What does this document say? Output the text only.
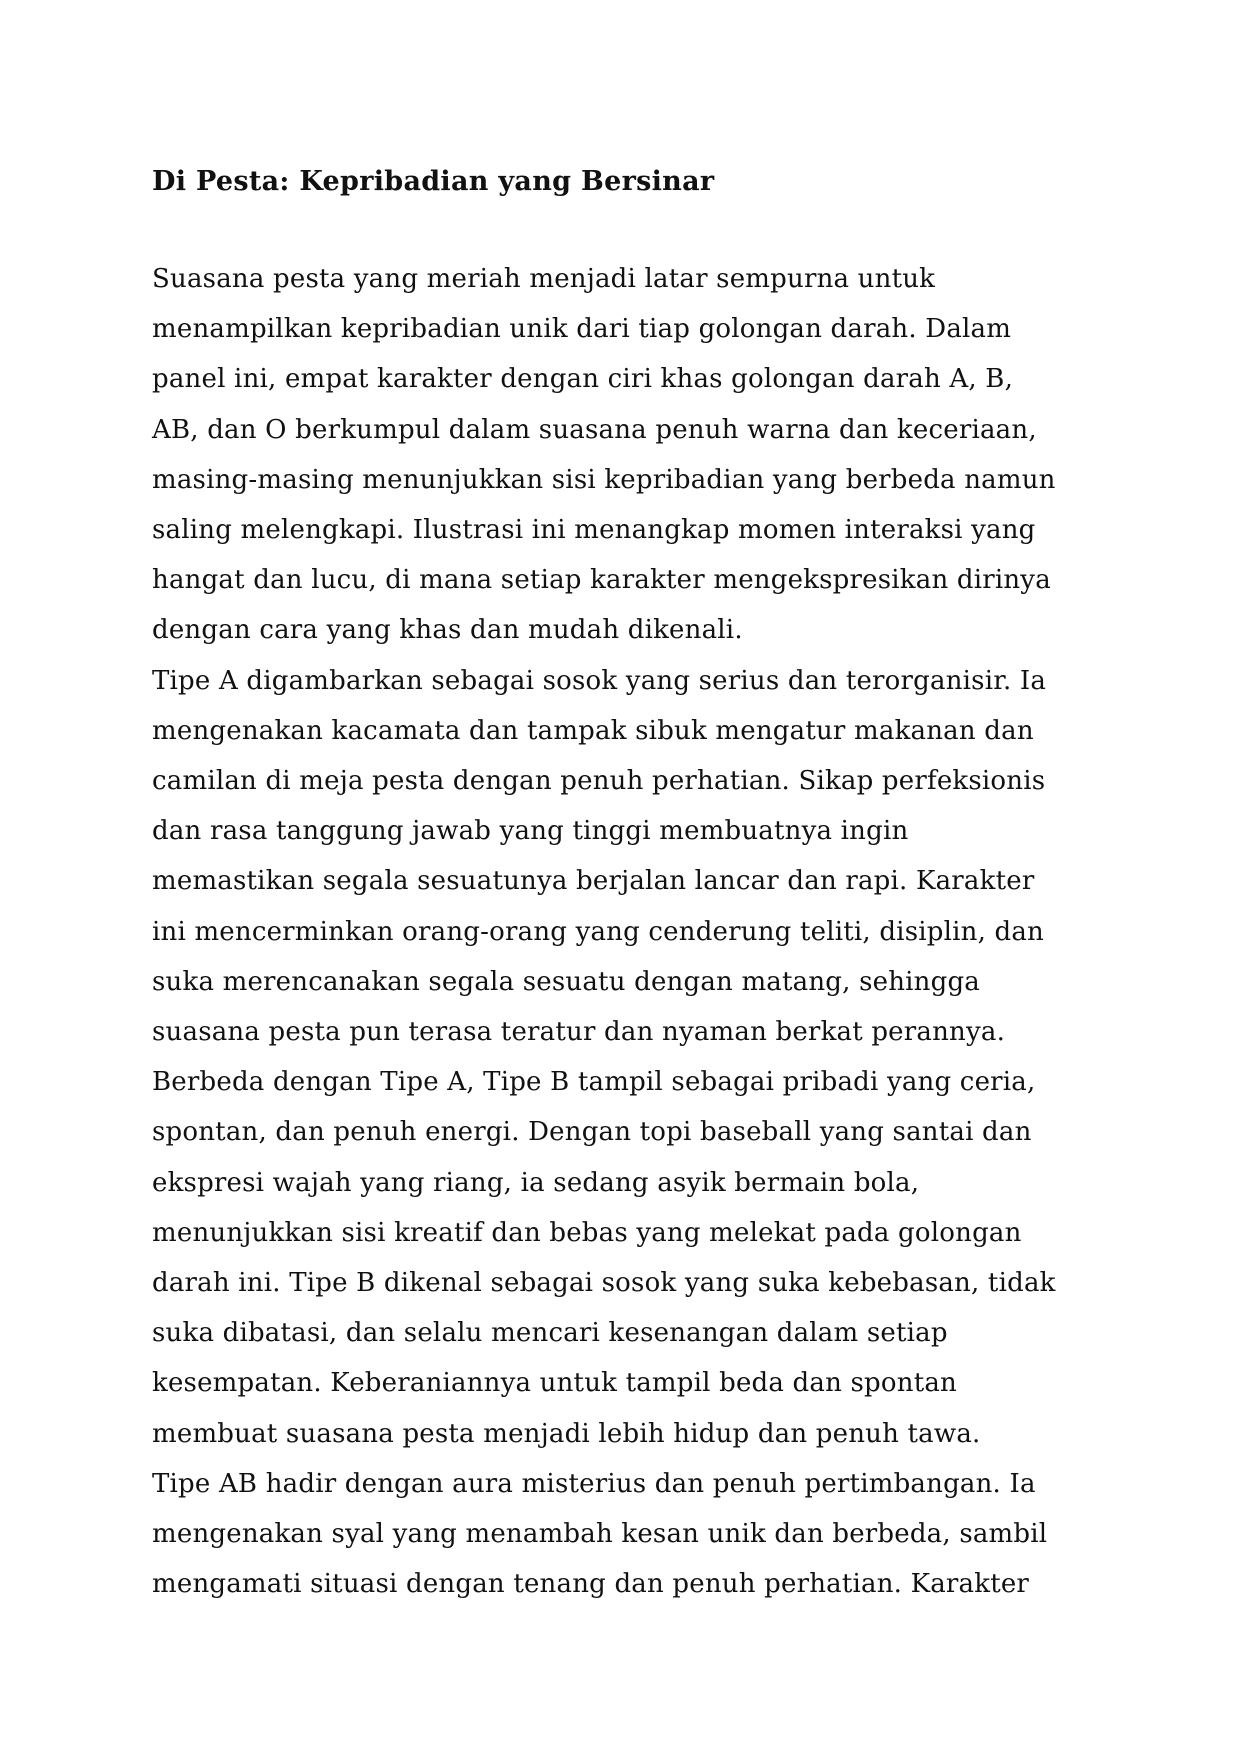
Di Pesta: Kepribadian yang Bersinar
Suasana pesta yang meriah menjadi latar sempurna untuk
menampilkan kepribadian unik dari tiap golongan darah. Dalam
panel ini, empat karakter dengan ciri khas golongan darah A, B,
AB, dan O berkumpul dalam suasana penuh warna dan keceriaan,
masing-masing menunjukkan sisi kepribadian yang berbeda namun
saling melengkapi. Ilustrasi ini menangkap momen interaksi yang
hangat dan lucu, di mana setiap karakter mengekspresikan dirinya
dengan cara yang khas dan mudah dikenali.
Tipe A digambarkan sebagai sosok yang serius dan terorganisir. Ia
mengenakan kacamata dan tampak sibuk mengatur makanan dan
camilan di meja pesta dengan penuh perhatian. Sikap perfeksionis
dan rasa tanggung jawab yang tinggi membuatnya ingin
memastikan segala sesuatunya berjalan lancar dan rapi. Karakter
ini mencerminkan orang-orang yang cenderung teliti, disiplin, dan
suka merencanakan segala sesuatu dengan matang, sehingga
suasana pesta pun terasa teratur dan nyaman berkat perannya.
Berbeda dengan Tipe A, Tipe B tampil sebagai pribadi yang ceria,
spontan, dan penuh energi. Dengan topi baseball yang santai dan
ekspresi wajah yang riang, ia sedang asyik bermain bola,
menunjukkan sisi kreatif dan bebas yang melekat pada golongan
darah ini. Tipe B dikenal sebagai sosok yang suka kebebasan, tidak
suka dibatasi, dan selalu mencari kesenangan dalam setiap
kesempatan. Keberaniannya untuk tampil beda dan spontan
membuat suasana pesta menjadi lebih hidup dan penuh tawa.
Tipe AB hadir dengan aura misterius dan penuh pertimbangan. Ia
mengenakan syal yang menambah kesan unik dan berbeda, sambil
mengamati situasi dengan tenang dan penuh perhatian. Karakter
